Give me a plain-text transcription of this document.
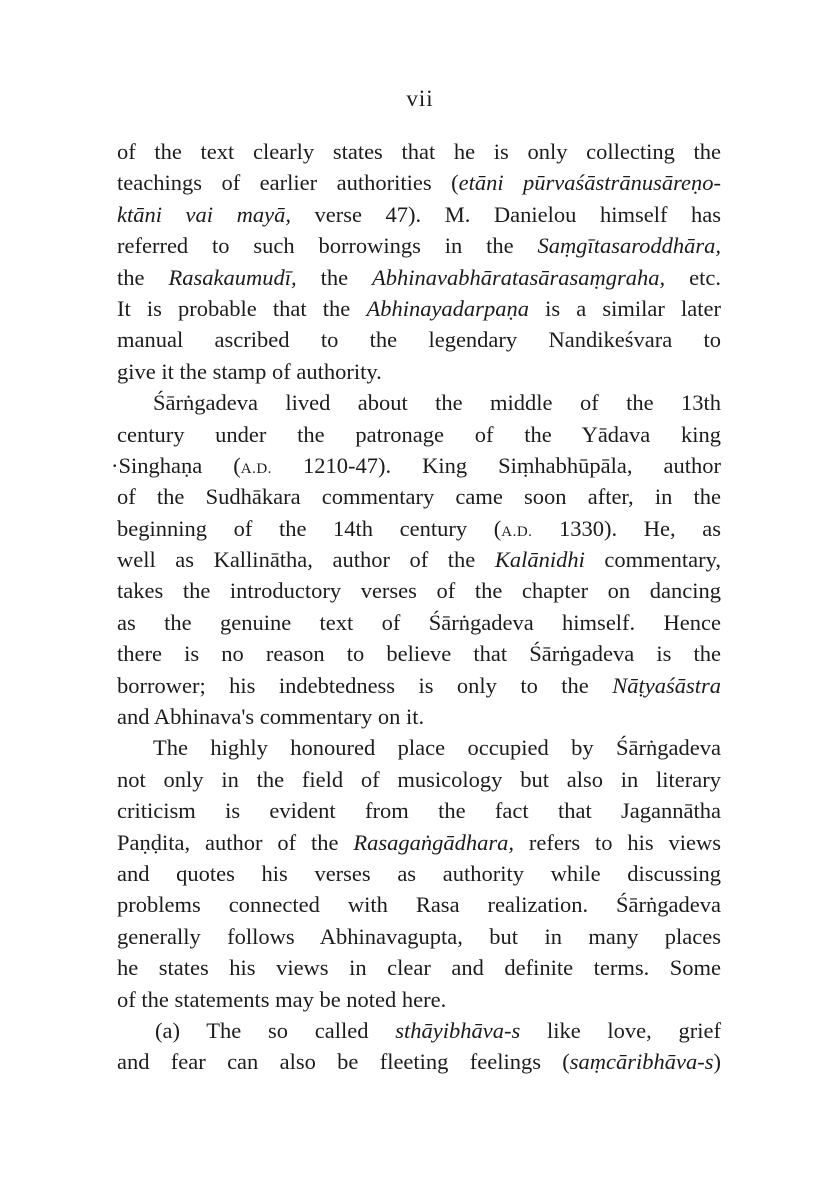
vii
of the text clearly states that he is only collecting the
teachings of earlier authorities (etāni pūrvaśāstrānusāreṇo-
ktāni vai mayā, verse 47). M. Danielou himself has
referred to such borrowings in the Saṃgītasaroddhāra,
the Rasakaumudī, the Abhinavabhāratasārasaṃgraha, etc.
It is probable that the Abhinayadarpaṇa is a similar later
manual ascribed to the legendary Nandikeśvara to
give it the stamp of authority.
Śārṅgadeva lived about the middle of the 13th
century under the patronage of the Yādava king
·Singhaṇa (A.D. 1210-47). King Siṃhabhūpāla, author
of the Sudhākara commentary came soon after, in the
beginning of the 14th century (A.D. 1330). He, as
well as Kallinātha, author of the Kalānidhi commentary,
takes the introductory verses of the chapter on dancing
as the genuine text of Śārṅgadeva himself. Hence
there is no reason to believe that Śārṅgadeva is the
borrower; his indebtedness is only to the Nāṭyaśāstra
and Abhinava's commentary on it.
The highly honoured place occupied by Śārṅgadeva
not only in the field of musicology but also in literary
criticism is evident from the fact that Jagannātha
Paṇḍita, author of the Rasagaṅgādhara, refers to his views
and quotes his verses as authority while discussing
problems connected with Rasa realization. Śārṅgadeva
generally follows Abhinavagupta, but in many places
he states his views in clear and definite terms. Some
of the statements may be noted here.
(a) The so called sthāyibhāva-s like love, grief
and fear can also be fleeting feelings (saṃcāribhāva-s)
